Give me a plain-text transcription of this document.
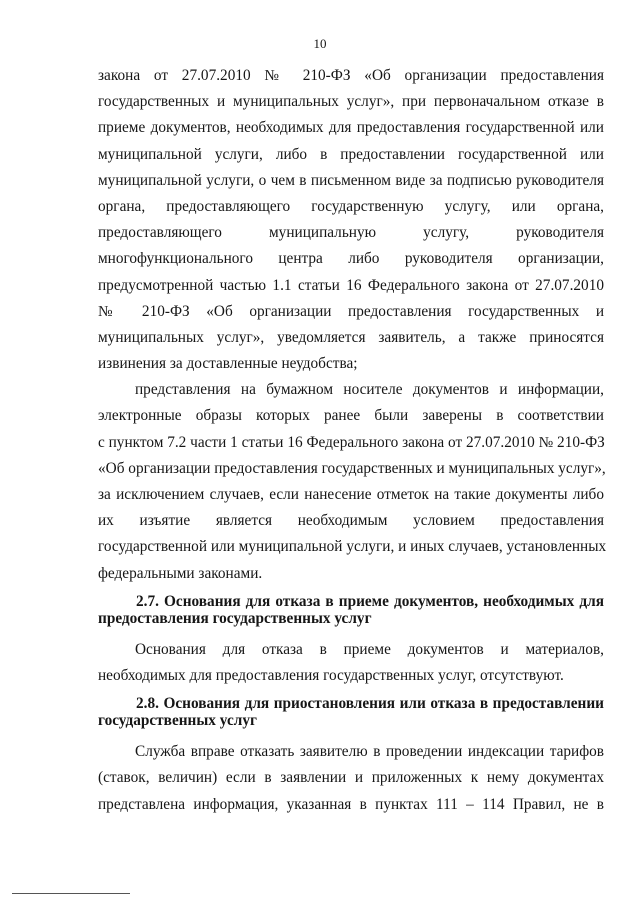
10
закона от 27.07.2010 № 210-ФЗ «Об организации предоставления
государственных и муниципальных услуг», при первоначальном отказе в
приеме документов, необходимых для предоставления государственной или
муниципальной услуги, либо в предоставлении государственной или
муниципальной услуги, о чем в письменном виде за подписью руководителя
органа, предоставляющего государственную услугу, или органа,
предоставляющего муниципальную услугу, руководителя
многофункционального центра либо руководителя организации,
предусмотренной частью 1.1 статьи 16 Федерального закона от 27.07.2010
№ 210-ФЗ «Об организации предоставления государственных и
муниципальных услуг», уведомляется заявитель, а также приносятся
извинения за доставленные неудобства;
представления на бумажном носителе документов и информации,
электронные образы которых ранее были заверены в соответствии
с пунктом 7.2 части 1 статьи 16 Федерального закона от 27.07.2010 № 210-ФЗ
«Об организации предоставления государственных и муниципальных услуг»,
за исключением случаев, если нанесение отметок на такие документы либо
их изъятие является необходимым условием предоставления
государственной или муниципальной услуги, и иных случаев, установленных
федеральными законами.
2.7. Основания для отказа в приеме документов, необходимых для
предоставления государственных услуг
Основания для отказа в приеме документов и материалов,
необходимых для предоставления государственных услуг, отсутствуют.
2.8. Основания для приостановления или отказа в предоставлении
государственных услуг
Служба вправе отказать заявителю в проведении индексации тарифов
(ставок, величин) если в заявлении и приложенных к нему документах
представлена информация, указанная в пунктах 111 – 114 Правил, не в
